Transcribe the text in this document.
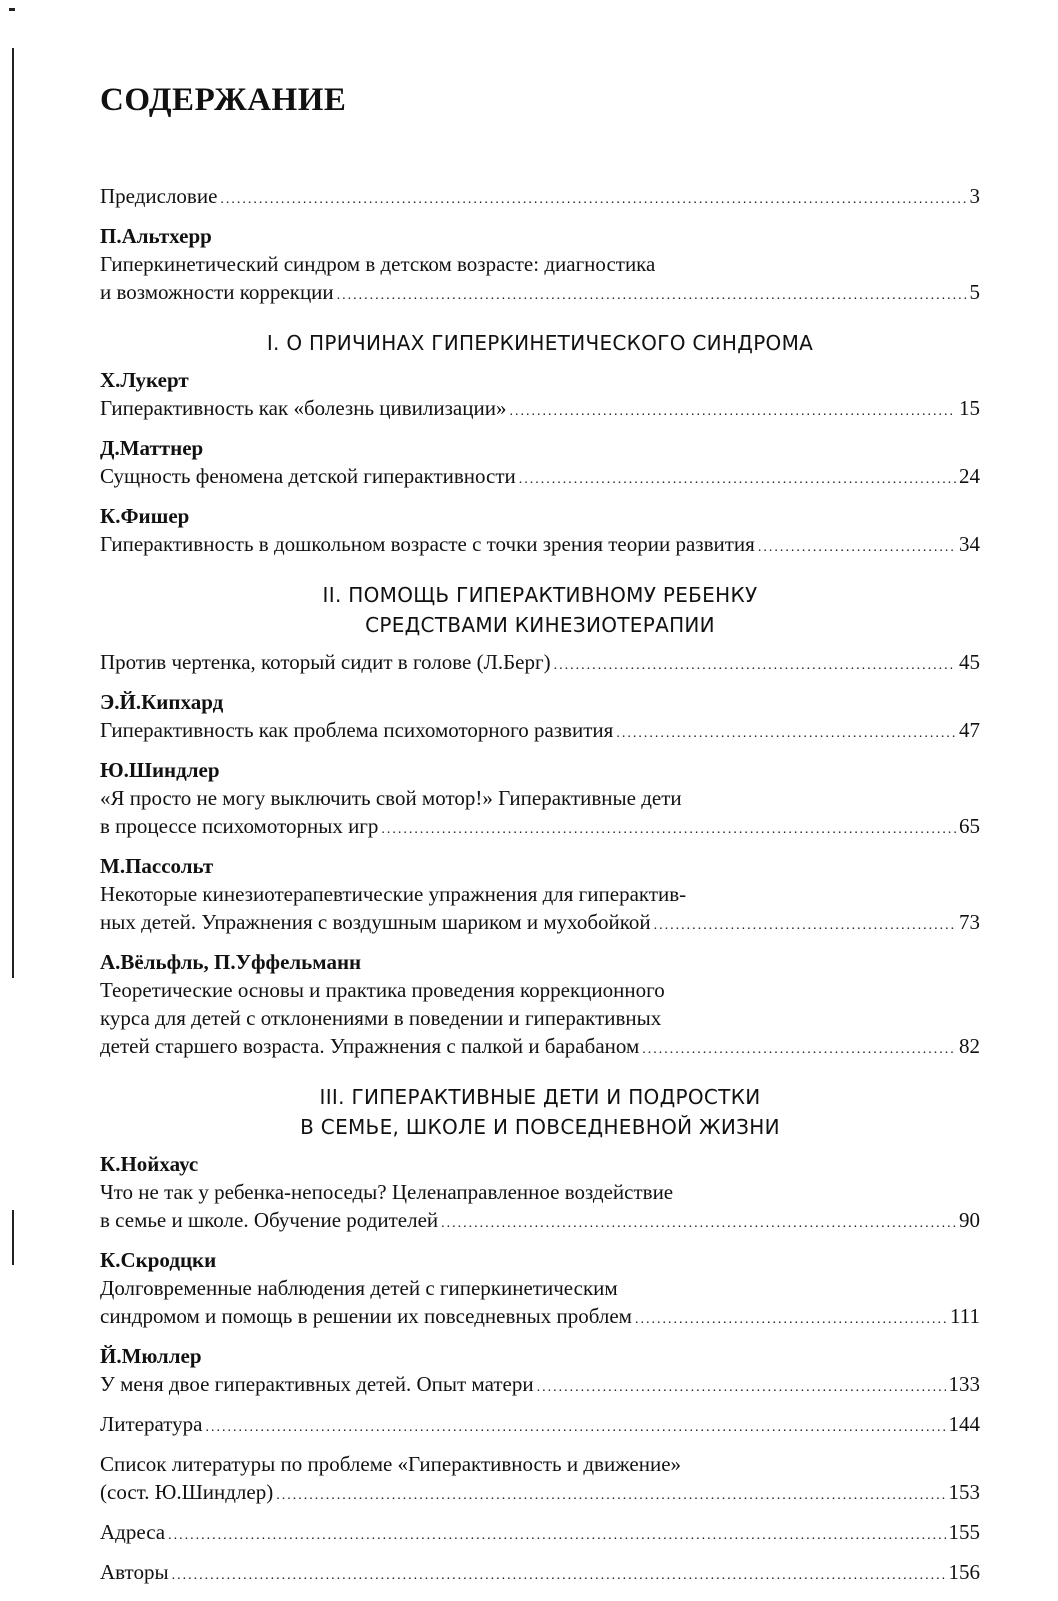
СОДЕРЖАНИЕ
Предисловие .....	3
П.Альтхерр
Гиперкинетический синдром в детском возрасте: диагностика
и возможности коррекции .....	5
I. О ПРИЧИНАХ ГИПЕРКИНЕТИЧЕСКОГО СИНДРОМА
Х.Лукерт
Гиперактивность как «болезнь цивилизации» .....	15
Д.Маттнер
Сущность феномена детской гиперактивности .....	24
К.Фишер
Гиперактивность в дошкольном возрасте с точки зрения теории развития .....	34
II. ПОМОЩЬ ГИПЕРАКТИВНОМУ РЕБЕНКУ
СРЕДСТВАМИ КИНЕЗИОТЕРАПИИ
Против чертенка, который сидит в голове (Л.Берг) .....	45
Э.Й.Кипхард
Гиперактивность как проблема психомоторного развития .....	47
Ю.Шиндлер
«Я просто не могу выключить свой мотор!» Гиперактивные дети
в процессе психомоторных игр .....	65
М.Пассольт
Некоторые кинезиотерапевтические упражнения для гиперактив-
ных детей. Упражнения с воздушным шариком и мухобойкой .....	73
А.Вёльфль, П.Уффельманн
Теоретические основы и практика проведения коррекционного
курса для детей с отклонениями в поведении и гиперактивных
детей старшего возраста. Упражнения с палкой и барабаном .....	82
III. ГИПЕРАКТИВНЫЕ ДЕТИ И ПОДРОСТКИ
В СЕМЬЕ, ШКОЛЕ И ПОВСЕДНЕВНОЙ ЖИЗНИ
К.Нойхаус
Что не так у ребенка-непоседы? Целенаправленное воздействие
в семье и школе. Обучение родителей .....	90
К.Скродцки
Долговременные наблюдения детей с гиперкинетическим
синдромом и помощь в решении их повседневных проблем .....	111
Й.Мюллер
У меня двое гиперактивных детей. Опыт матери .....	133
Литература .....	144
Список литературы по проблеме «Гиперактивность и движение»
(сост. Ю.Шиндлер) .....	153
Адреса .....	155
Авторы .....	156
